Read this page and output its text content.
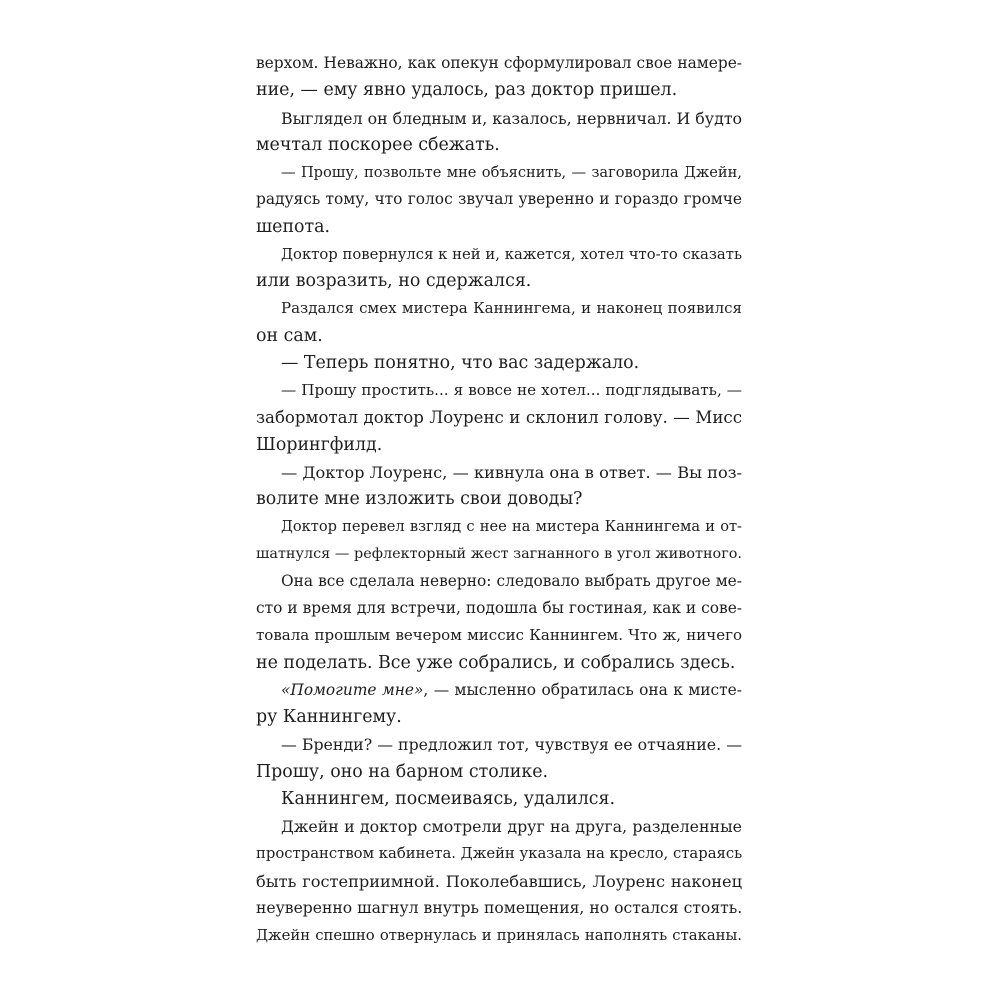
верхом. Неважно, как опекун сформулировал свое намере-
ние, — ему явно удалось, раз доктор пришел.
Выглядел он бледным и, казалось, нервничал. И будто
мечтал поскорее сбежать.
— Прошу, позвольте мне объяснить, — заговорила Джейн,
радуясь тому, что голос звучал уверенно и гораздо громче
шепота.
Доктор повернулся к ней и, кажется, хотел что-то сказать
или возразить, но сдержался.
Раздался смех мистера Каннингема, и наконец появился
он сам.
— Теперь понятно, что вас задержало.
— Прошу простить... я вовсе не хотел... подглядывать, —
забормотал доктор Лоуренс и склонил голову. — Мисс
Шорингфилд.
— Доктор Лоуренс, — кивнула она в ответ. — Вы поз-
волите мне изложить свои доводы?
Доктор перевел взгляд с нее на мистера Каннингема и от-
шатнулся — рефлекторный жест загнанного в угол животного.
Она все сделала неверно: следовало выбрать другое ме-
сто и время для встречи, подошла бы гостиная, как и сове-
товала прошлым вечером миссис Каннингем. Что ж, ничего
не поделать. Все уже собрались, и собрались здесь.
«Помогите мне», — мысленно обратилась она к мисте-
ру Каннингему.
— Бренди? — предложил тот, чувствуя ее отчаяние. —
Прошу, оно на барном столике.
Каннингем, посмеиваясь, удалился.
Джейн и доктор смотрели друг на друга, разделенные
пространством кабинета. Джейн указала на кресло, стараясь
быть гостеприимной. Поколебавшись, Лоуренс наконец
неуверенно шагнул внутрь помещения, но остался стоять.
Джейн спешно отвернулась и принялась наполнять стаканы.
